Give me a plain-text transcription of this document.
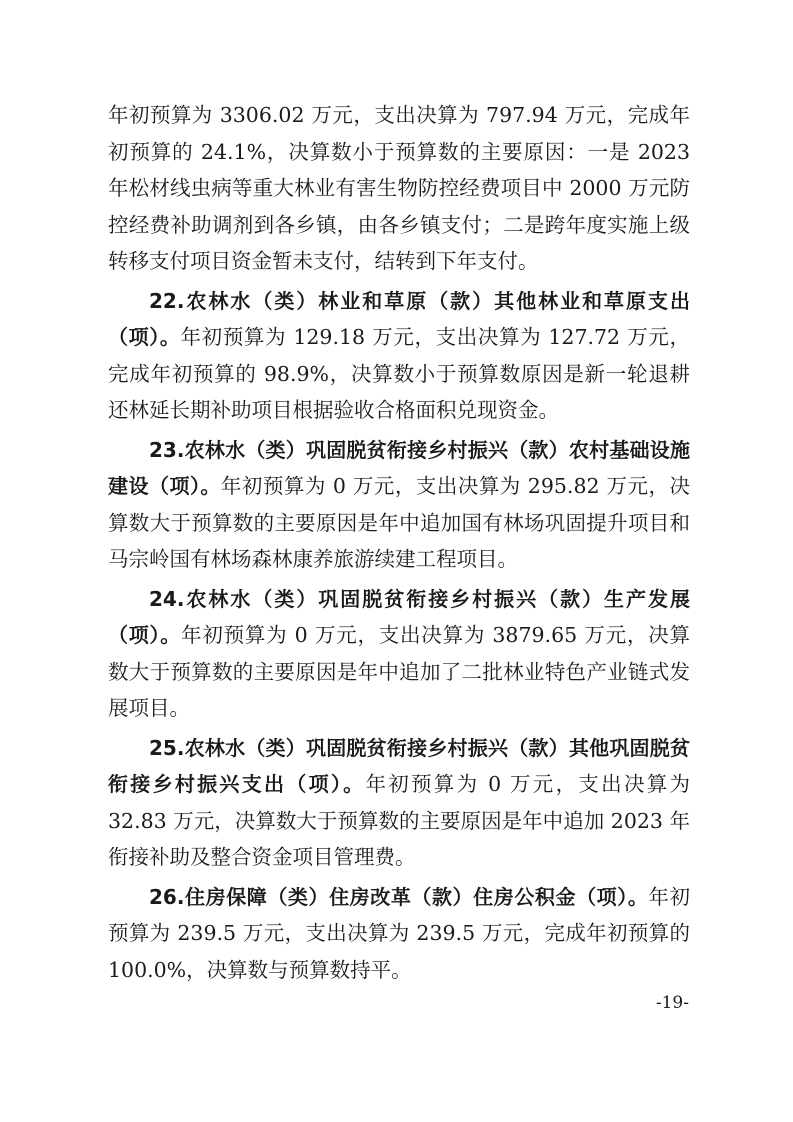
年初预算为 3306.02 万元，支出决算为 797.94 万元，完成年初预算的 24.1%，决算数小于预算数的主要原因：一是 2023 年松材线虫病等重大林业有害生物防控经费项目中 2000 万元防控经费补助调剂到各乡镇，由各乡镇支付；二是跨年度实施上级转移支付项目资金暂未支付，结转到下年支付。

22.农林水（类）林业和草原（款）其他林业和草原支出（项）。年初预算为 129.18 万元，支出决算为 127.72 万元，完成年初预算的 98.9%，决算数小于预算数原因是新一轮退耕还林延长期补助项目根据验收合格面积兑现资金。

23.农林水（类）巩固脱贫衔接乡村振兴（款）农村基础设施建设（项）。年初预算为 0 万元，支出决算为 295.82 万元，决算数大于预算数的主要原因是年中追加国有林场巩固提升项目和马宗岭国有林场森林康养旅游续建工程项目。

24.农林水（类）巩固脱贫衔接乡村振兴（款）生产发展（项）。年初预算为 0 万元，支出决算为 3879.65 万元，决算数大于预算数的主要原因是年中追加了二批林业特色产业链式发展项目。

25.农林水（类）巩固脱贫衔接乡村振兴（款）其他巩固脱贫衔接乡村振兴支出（项）。年初预算为 0 万元，支出决算为 32.83 万元，决算数大于预算数的主要原因是年中追加 2023 年衔接补助及整合资金项目管理费。

26.住房保障（类）住房改革（款）住房公积金（项）。年初预算为 239.5 万元，支出决算为 239.5 万元，完成年初预算的 100.0%，决算数与预算数持平。

-19-
